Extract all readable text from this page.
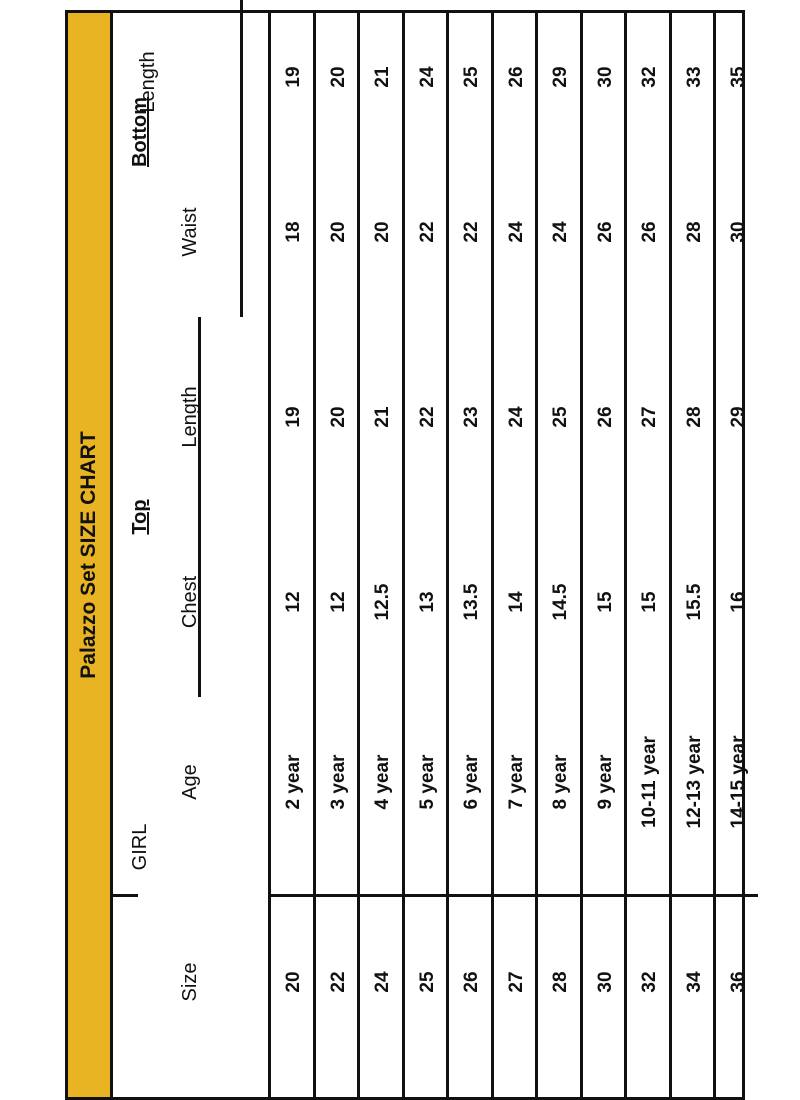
Palazzo Set SIZE CHART
GIRL
Top
Bottom
Size
Age
Chest
Length
Waist
Length
20
2 year
12
19
18
19
22
3 year
12
20
20
20
24
4 year
12.5
21
20
21
25
5 year
13
22
22
24
26
6 year
13.5
23
22
25
27
7 year
14
24
24
26
28
8 year
14.5
25
24
29
30
9 year
15
26
26
30
32
10-11 year
15
27
26
32
34
12-13 year
15.5
28
28
33
36
14-15 year
16
29
30
35
